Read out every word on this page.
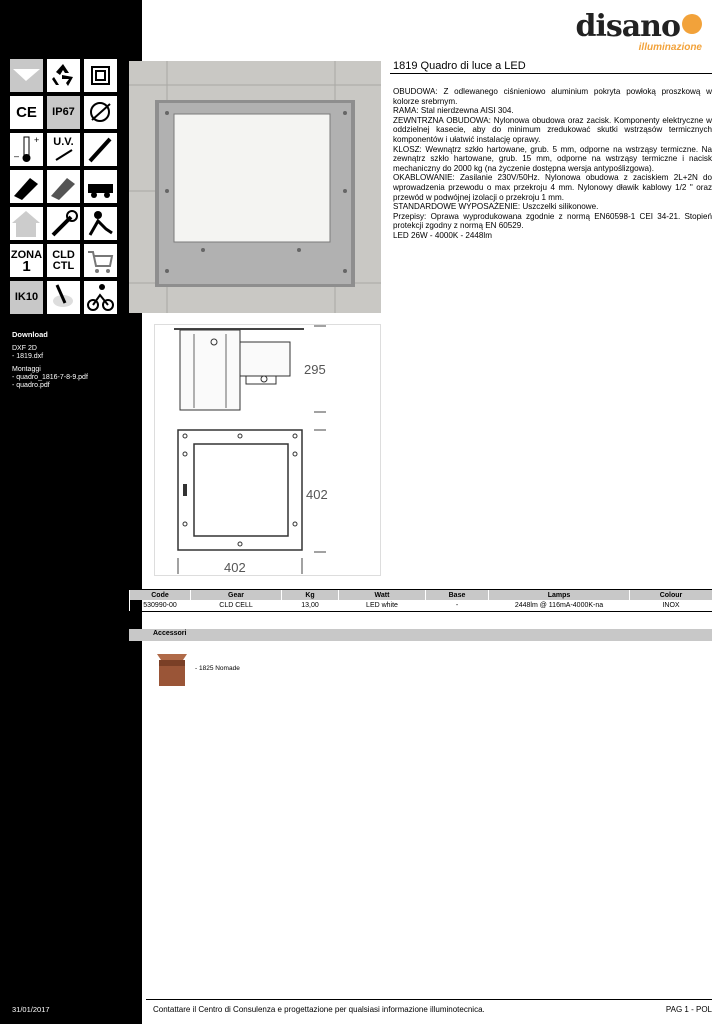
CE IP67
+
–
U.V.
ZONA
1
CLD
CTL
IK10
Download
DXF 2D
- 1819.dxf
Montaggi
- quadro_1816-7-8-9.pdf
- quadro.pdf
31/01/2017
disano
illuminazione
1819 Quadro di luce a LED

OBUDOWA: Z odlewanego ciśnieniowo aluminium pokryta powłoką proszkową w kolorze srebrnym.

RAMA: Stal nierdzewna AISI 304.

ZEWNTRZNA OBUDOWA: Nylonowa obudowa oraz zacisk. Komponenty elektryczne w oddzielnej kasecie, aby do minimum zredukować skutki wstrząsów termicznych komponentów i ułatwić instalację oprawy.

KLOSZ: Wewnątrz szkło hartowane, grub. 5 mm, odporne na wstrząsy termiczne. Na zewnątrz szkło hartowane, grub. 15 mm, odporne na wstrząsy termiczne i nacisk mechaniczny do 2000 kg (na życzenie dostępna wersja antypoślizgowa).

OKABLOWANIE: Zasilanie 230V/50Hz. Nylonowa obudowa z zaciskiem 2L+2N do wprowadzenia przewodu o max przekroju 4 mm. Nylonowy dławik kablowy 1/2 " oraz przewód w podwójnej izolacji o przekroju 1 mm.

STANDARDOWE WYPOSAŻENIE: Uszczelki silikonowe.

Przepisy: Oprawa wyprodukowana zgodnie z normą EN60598-1 CEI 34-21. Stopień protekcji zgodny z normą EN 60529.

LED 26W - 4000K - 2448lm

295
402
402
Code	Gear	Kg	Watt	Base	Lamps	Colour
530990-00	CLD CELL	13,00	LED white	-	2448lm @ 116mA-4000K-na	INOX
Accessori
- 1825 Nomade
Contattare il Centro di Consulenza e progettazione per qualsiasi informazione illuminotecnica.	PAG 1 - POL
